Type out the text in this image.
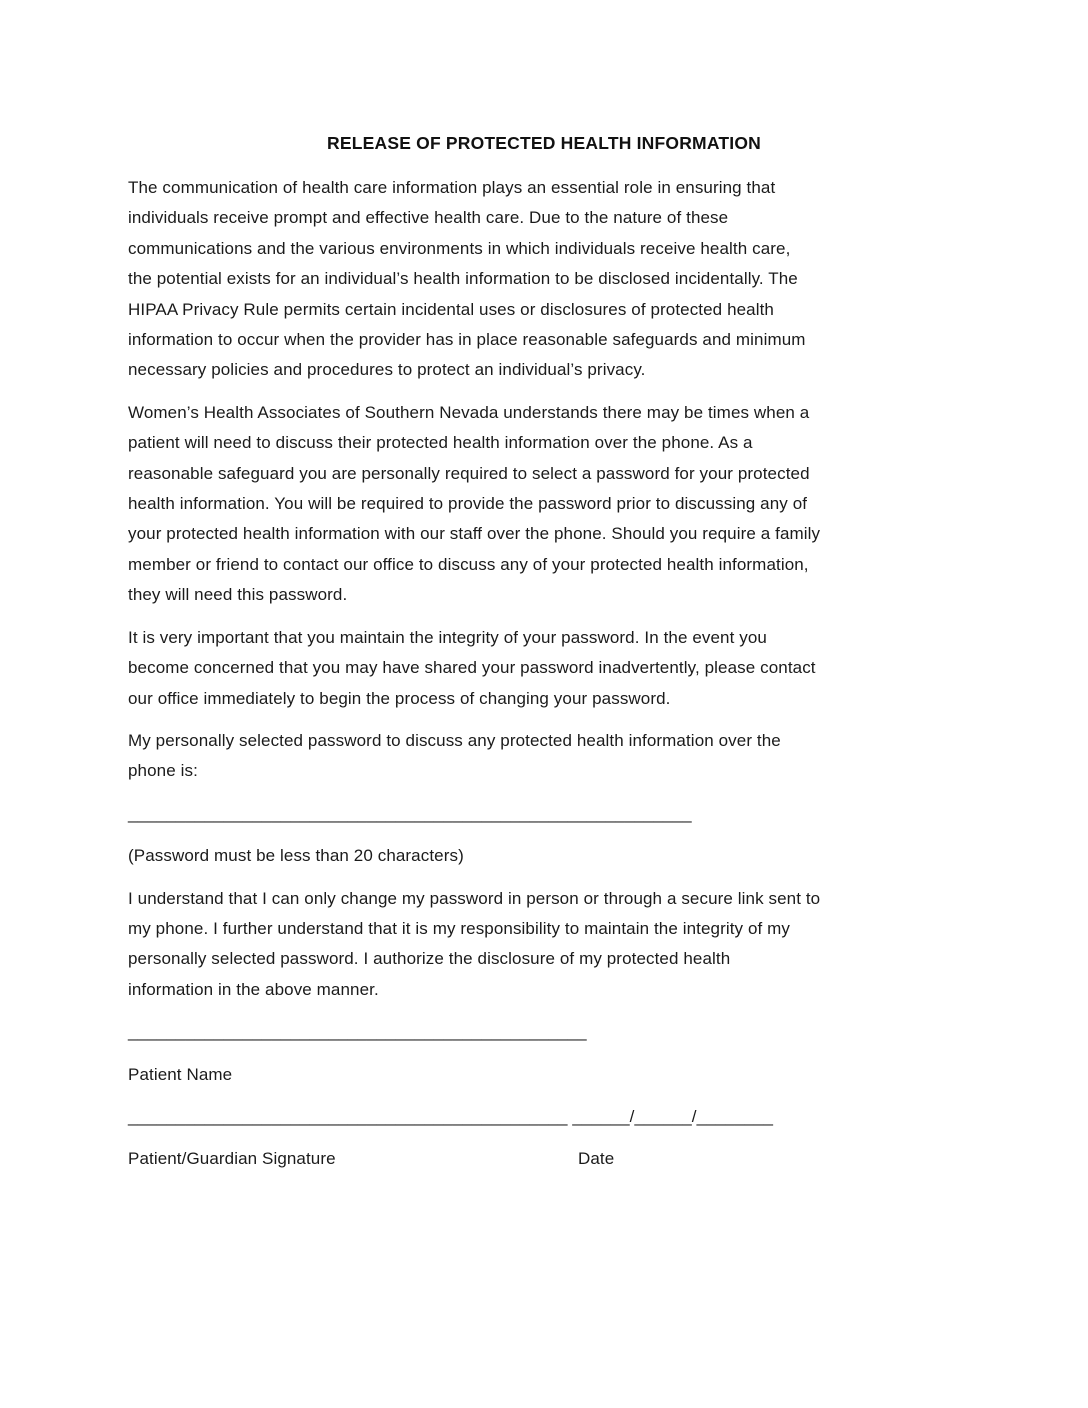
RELEASE OF PROTECTED HEALTH INFORMATION
The communication of health care information plays an essential role in ensuring that
individuals receive prompt and effective health care. Due to the nature of these
communications and the various environments in which individuals receive health care,
the potential exists for an individual’s health information to be disclosed incidentally. The
HIPAA Privacy Rule permits certain incidental uses or disclosures of protected health
information to occur when the provider has in place reasonable safeguards and minimum
necessary policies and procedures to protect an individual’s privacy.
Women’s Health Associates of Southern Nevada understands there may be times when a
patient will need to discuss their protected health information over the phone. As a
reasonable safeguard you are personally required to select a password for your protected
health information. You will be required to provide the password prior to discussing any of
your protected health information with our staff over the phone. Should you require a family
member or friend to contact our office to discuss any of your protected health information,
they will need this password.
It is very important that you maintain the integrity of your password. In the event you
become concerned that you may have shared your password inadvertently, please contact
our office immediately to begin the process of changing your password.
My personally selected password to discuss any protected health information over the
phone is:
___________________________________________________________
(Password must be less than 20 characters)
I understand that I can only change my password in person or through a secure link sent to
my phone. I further understand that it is my responsibility to maintain the integrity of my
personally selected password. I authorize the disclosure of my protected health
information in the above manner.
________________________________________________
Patient Name
______________________________________________ ______/______/________
Patient/Guardian Signature	Date
